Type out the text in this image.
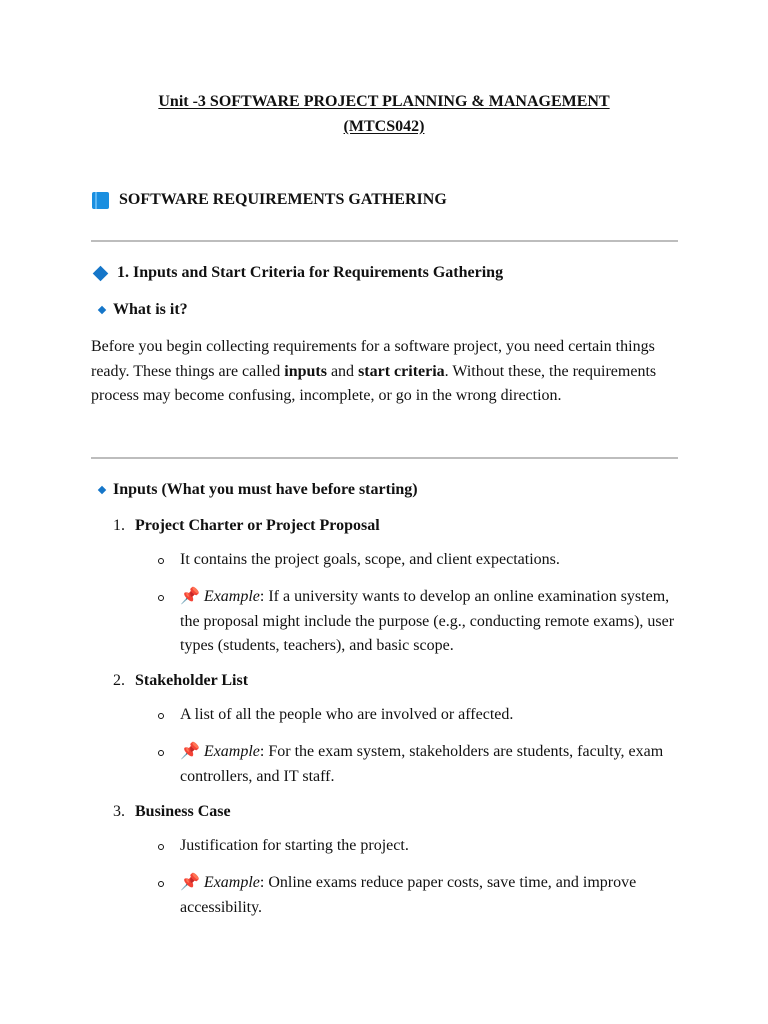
Unit -3 SOFTWARE PROJECT PLANNING & MANAGEMENT
(MTCS042)
SOFTWARE REQUIREMENTS GATHERING
1. Inputs and Start Criteria for Requirements Gathering
What is it?
Before you begin collecting requirements for a software project, you need certain things ready. These things are called inputs and start criteria. Without these, the requirements process may become confusing, incomplete, or go in the wrong direction.
Inputs (What you must have before starting)
1. Project Charter or Project Proposal
It contains the project goals, scope, and client expectations.
📌 Example: If a university wants to develop an online examination system, the proposal might include the purpose (e.g., conducting remote exams), user types (students, teachers), and basic scope.
2. Stakeholder List
A list of all the people who are involved or affected.
📌 Example: For the exam system, stakeholders are students, faculty, exam controllers, and IT staff.
3. Business Case
Justification for starting the project.
📌 Example: Online exams reduce paper costs, save time, and improve accessibility.
